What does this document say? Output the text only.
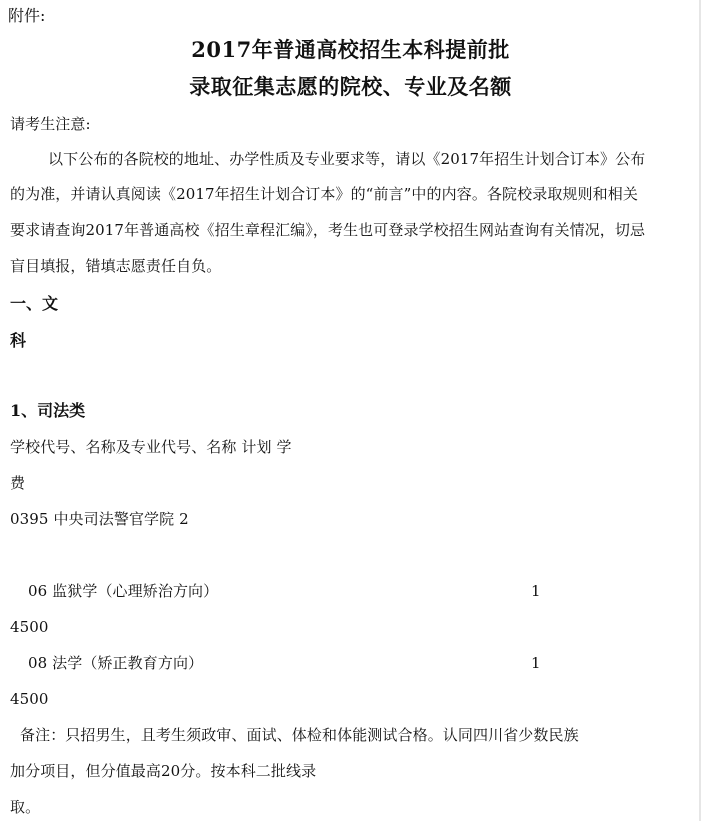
附件:
2017年普通高校招生本科提前批
录取征集志愿的院校、专业及名额
请考生注意:
以下公布的各院校的地址、办学性质及专业要求等，请以《2017年招生计划合订本》公布
的为准，并请认真阅读《2017年招生计划合订本》的“前言”中的内容。各院校录取规则和相关
要求请查询2017年普通高校《招生章程汇编》，考生也可登录学校招生网站查询有关情况，切忌
盲目填报，错填志愿责任自负。
一、文
科
1、司法类
学校代号、名称及专业代号、名称 计划 学
费
0395 中央司法警官学院 2
06 监狱学（心理矫治方向）	1
4500
08 法学（矫正教育方向）	1
4500
备注：只招男生，且考生须政审、面试、体检和体能测试合格。认同四川省少数民族
加分项目，但分值最高20分。按本科二批线录
取。
